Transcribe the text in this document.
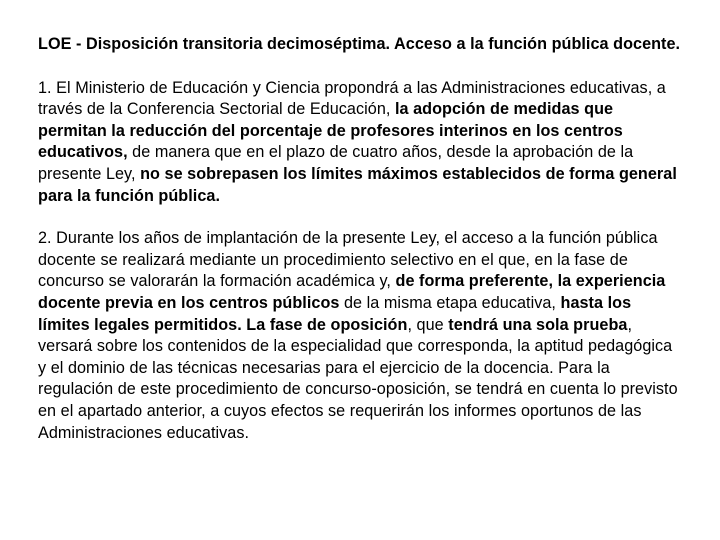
LOE - Disposición transitoria decimoséptima. Acceso a la función pública docente.
1. El Ministerio de Educación y Ciencia propondrá a las Administraciones educativas, a través de la Conferencia Sectorial de Educación, la adopción de medidas que permitan la reducción del porcentaje de profesores interinos en los centros educativos, de manera que en el plazo de cuatro años, desde la aprobación de la presente Ley, no se sobrepasen los límites máximos establecidos de forma general para la función pública.
2. Durante los años de implantación de la presente Ley, el acceso a la función pública docente se realizará mediante un procedimiento selectivo en el que, en la fase de concurso se valorarán la formación académica y, de forma preferente, la experiencia docente previa en los centros públicos de la misma etapa educativa, hasta los límites legales permitidos. La fase de oposición, que tendrá una sola prueba, versará sobre los contenidos de la especialidad que corresponda, la aptitud pedagógica y el dominio de las técnicas necesarias para el ejercicio de la docencia. Para la regulación de este procedimiento de concurso-oposición, se tendrá en cuenta lo previsto en el apartado anterior, a cuyos efectos se requerirán los informes oportunos de las Administraciones educativas.
